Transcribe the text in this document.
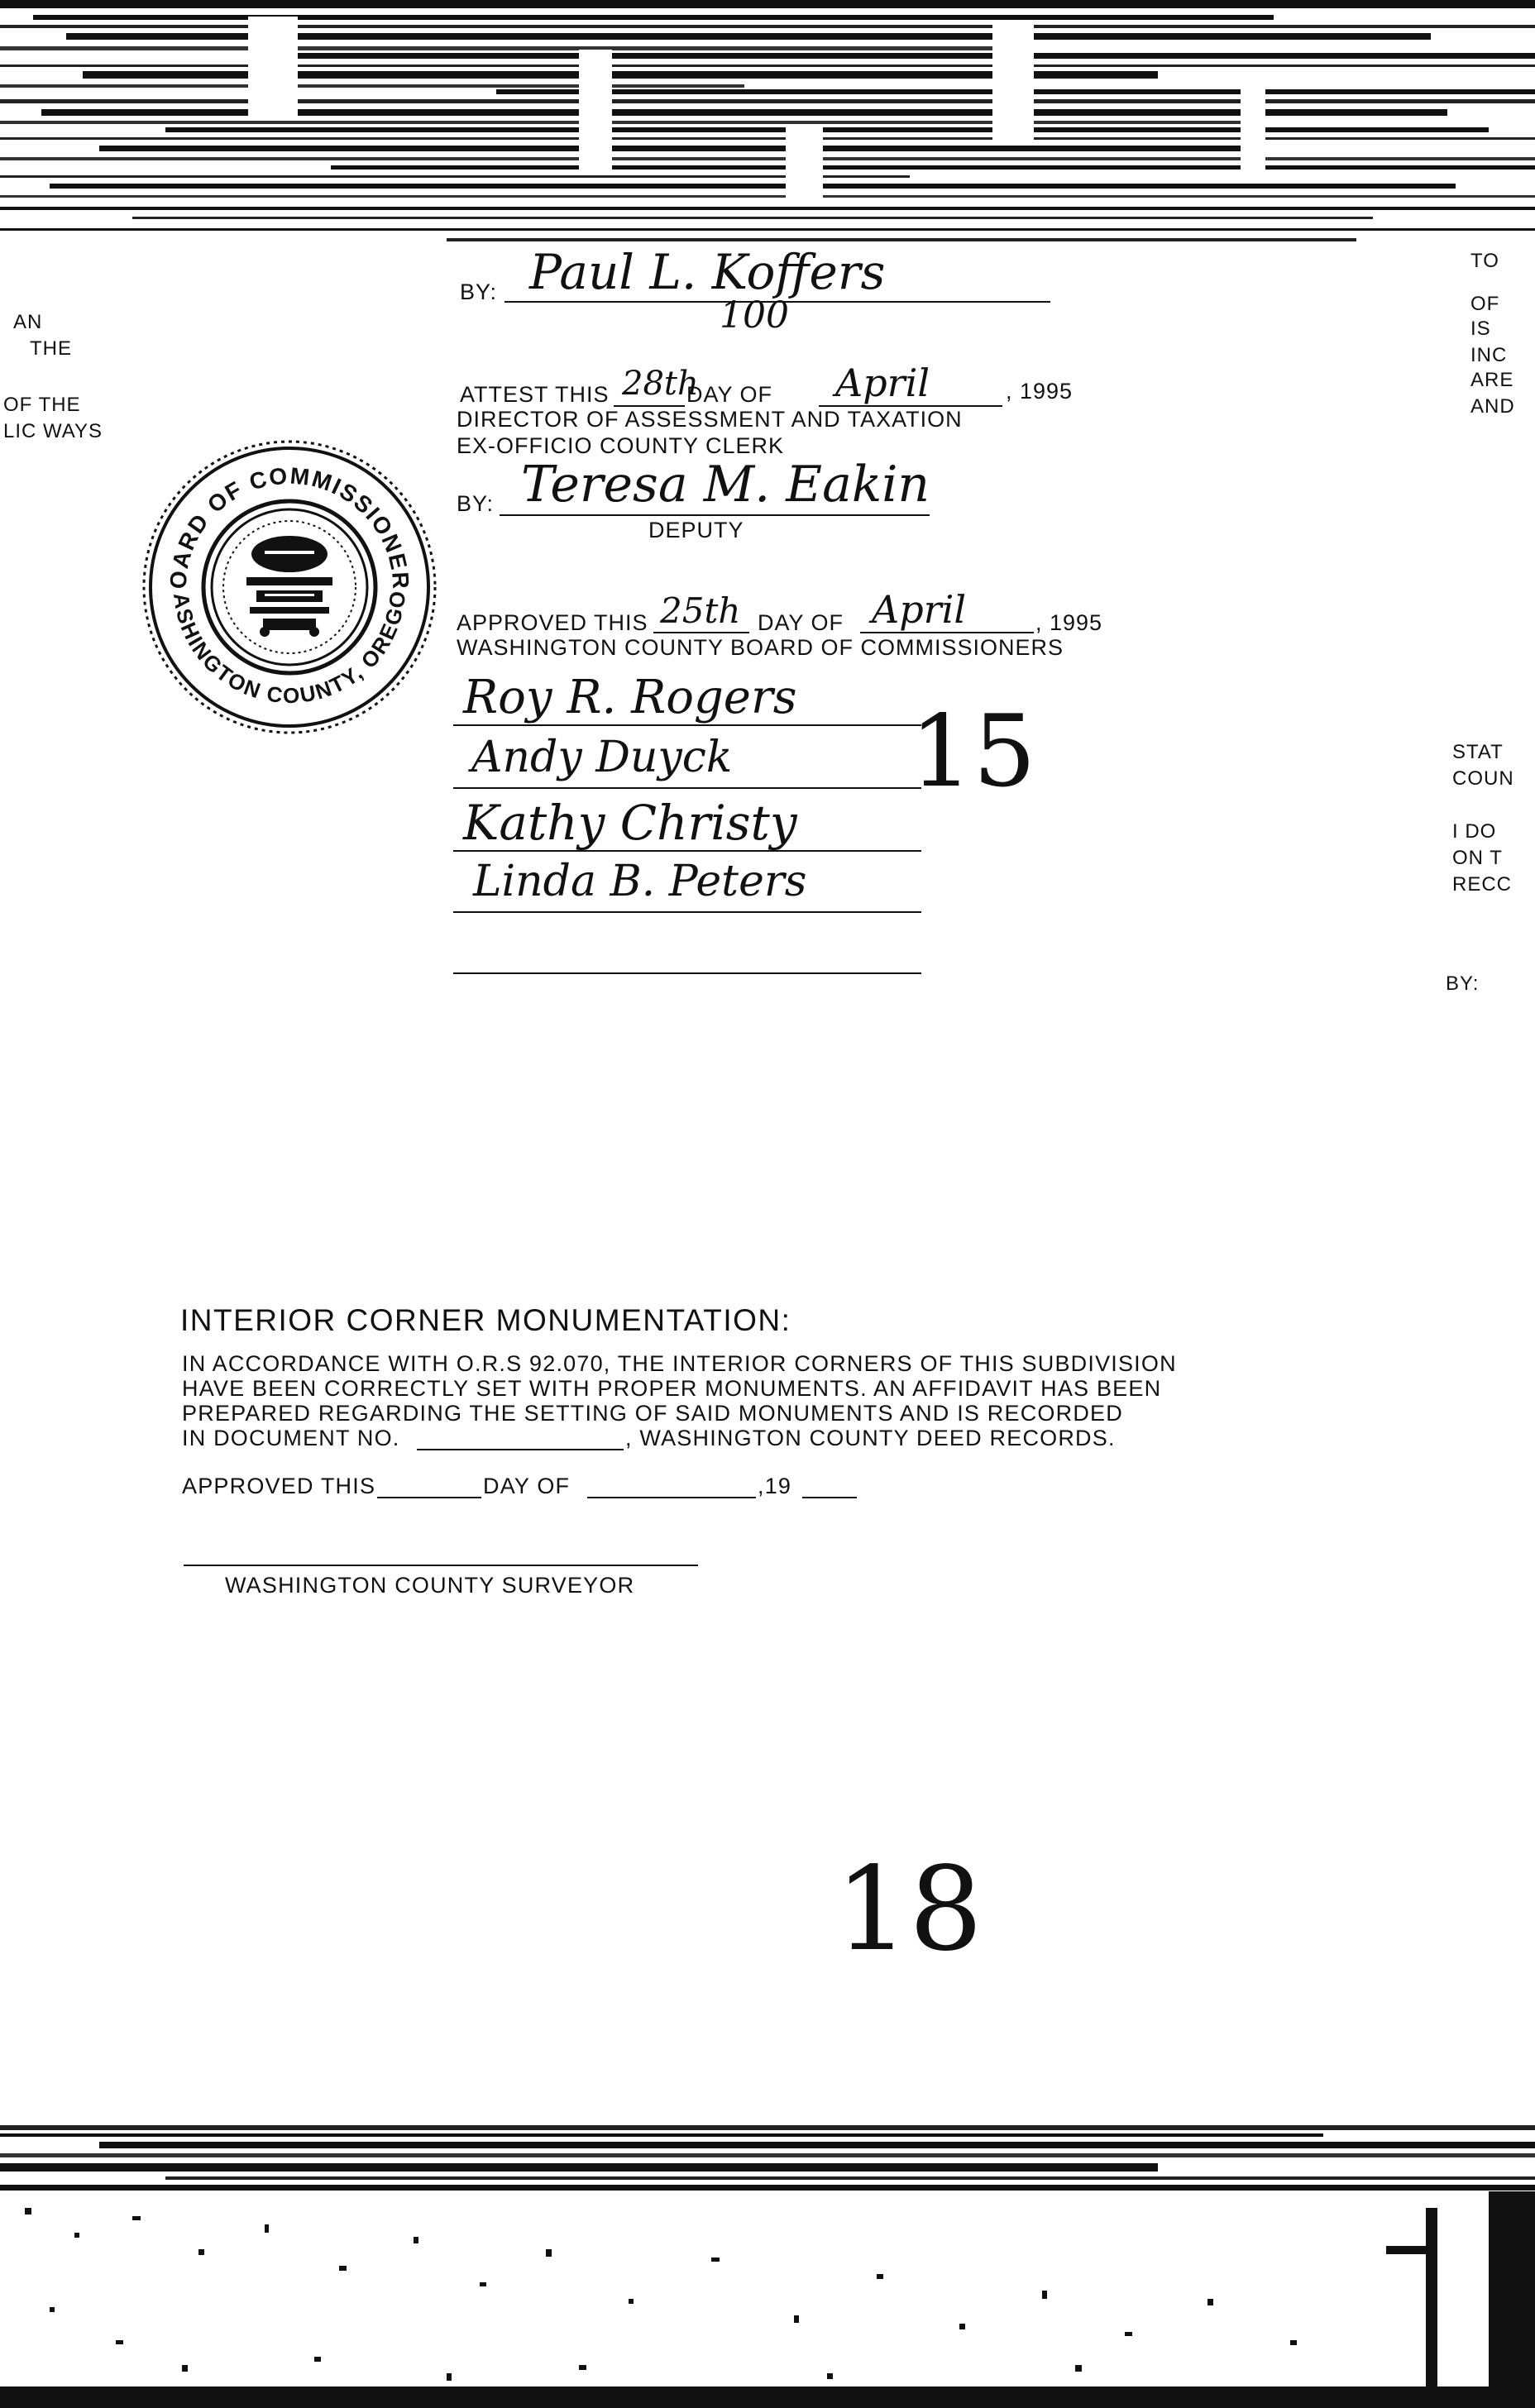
AN
THE
OF THE
LIC WAYS
TO
OF
IS
INC
ARE
AND
STAT
COUN
I DO
ON T
RECC
BY:
BY: Paul L. Koffers
100
ATTEST THIS 28th
DAY OF April	, 1995
DIRECTOR OF ASSESSMENT AND TAXATION
EX-OFFICIO COUNTY CLERK
BY: Teresa M. Eakin
DEPUTY
APPROVED THIS 25th DAY OF April	, 1995
WASHINGTON COUNTY BOARD OF COMMISSIONERS
Roy R. Rogers
Andy Duyck
Kathy Christy
Linda B. Peters
15
OARD OF COMMISSIONER
ASHINGTON COUNTY, OREGO
INTERIOR CORNER MONUMENTATION:
IN ACCORDANCE WITH O.R.S 92.070, THE INTERIOR CORNERS OF THIS SUBDIVISION
HAVE BEEN CORRECTLY SET WITH PROPER MONUMENTS. AN AFFIDAVIT HAS BEEN
PREPARED REGARDING THE SETTING OF SAID MONUMENTS AND IS RECORDED
IN DOCUMENT NO.	, WASHINGTON COUNTY DEED RECORDS.
APPROVED THIS	DAY OF	,19
WASHINGTON COUNTY SURVEYOR
18
